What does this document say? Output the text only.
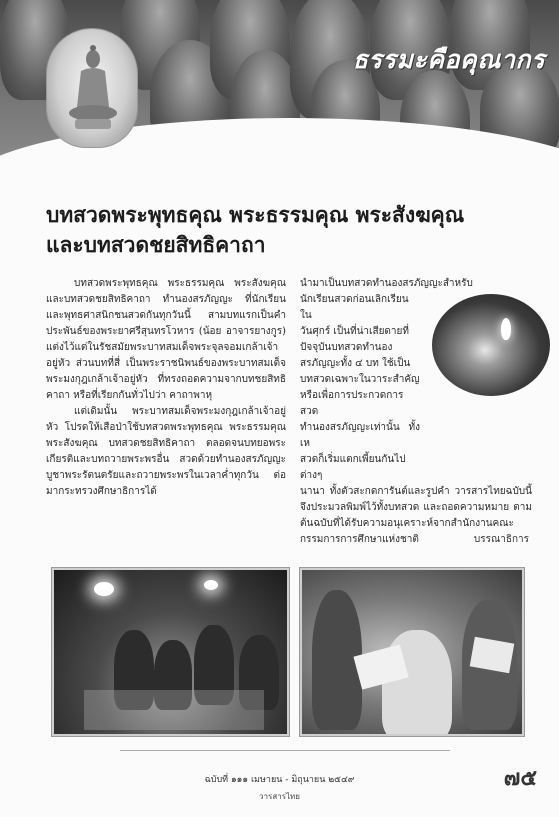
ธรรมะคือคุณากร
บทสวดพระพุทธคุณ พระธรรมคุณ พระสังฆคุณ
และบทสวดชยสิทธิคาถา
บทสวดพระพุทธคุณ พระธรรมคุณ พระสังฆคุณ และบทสวดชยสิทธิคาถา ทำนองสรภัญญะ ที่นักเรียนและพุทธศาสนิกชนสวดกันทุกวันนี้ สามบทแรกเป็นคำประพันธ์ของพระยาศรีสุนทรโวหาร (น้อย อาจารยางกูร) แต่งไว้แต่ในรัชสมัยพระบาทสมเด็จพระจุลจอมเกล้าเจ้าอยู่หัว ส่วนบทที่สี่ เป็นพระราชนิพนธ์ของพระบาทสมเด็จพระมงกุฎเกล้าเจ้าอยู่หัว ที่ทรงถอดความจากบทชยสิทธิคาถา หรือที่เรียกกันทั่วไปว่า คาถาพาหุ
แต่เดิมนั้น พระบาทสมเด็จพระมงกุฎเกล้าเจ้าอยู่หัว โปรดให้เสือป่าใช้บทสวดพระพุทธคุณ พระธรรมคุณ พระสังฆคุณ บทสวดชยสิทธิคาถา ตลอดจนบทยอพระเกียรติและบทถวายพระพรอื่น สวดด้วยทำนองสรภัญญะ บูชาพระรัตนตรัยและถวายพระพรในเวลาค่ำทุกวัน ต่อมากระทรวงศึกษาธิการได้
นำมาเป็นบทสวดทำนองสรภัญญะสำหรับ
นักเรียนสวดก่อนเลิกเรียนใน
วันศุกร์ เป็นที่น่าเสียดายที่
ปัจจุบันบทสวดทำนอง
สรภัญญะทั้ง ๔ บท ใช้เป็น
บทสวดเฉพาะในวาระสำคัญ
หรือเพื่อการประกวดการสวด
ทำนองสรภัญญะเท่านั้น ทั้งเห
สวดก็เริ่มแตกเพี้ยนกันไปต่างๆ
นานา ทั้งตัวสะกดการันต์และรูปคำ วารสารไทยฉบับนี้จึงประมวลพิมพ์ไว้ทั้งบทสวด และถอดความหมาย ตามต้นฉบับที่ได้รับความอนุเคราะห์จากสำนักงานคณะกรรมการการศึกษาแห่งชาติ	บรรณาธิการ
ฉบับที่ ๑๑๑ เมษายน - มิถุนายน ๒๕๔๙
วารสารไทย
๗๕
